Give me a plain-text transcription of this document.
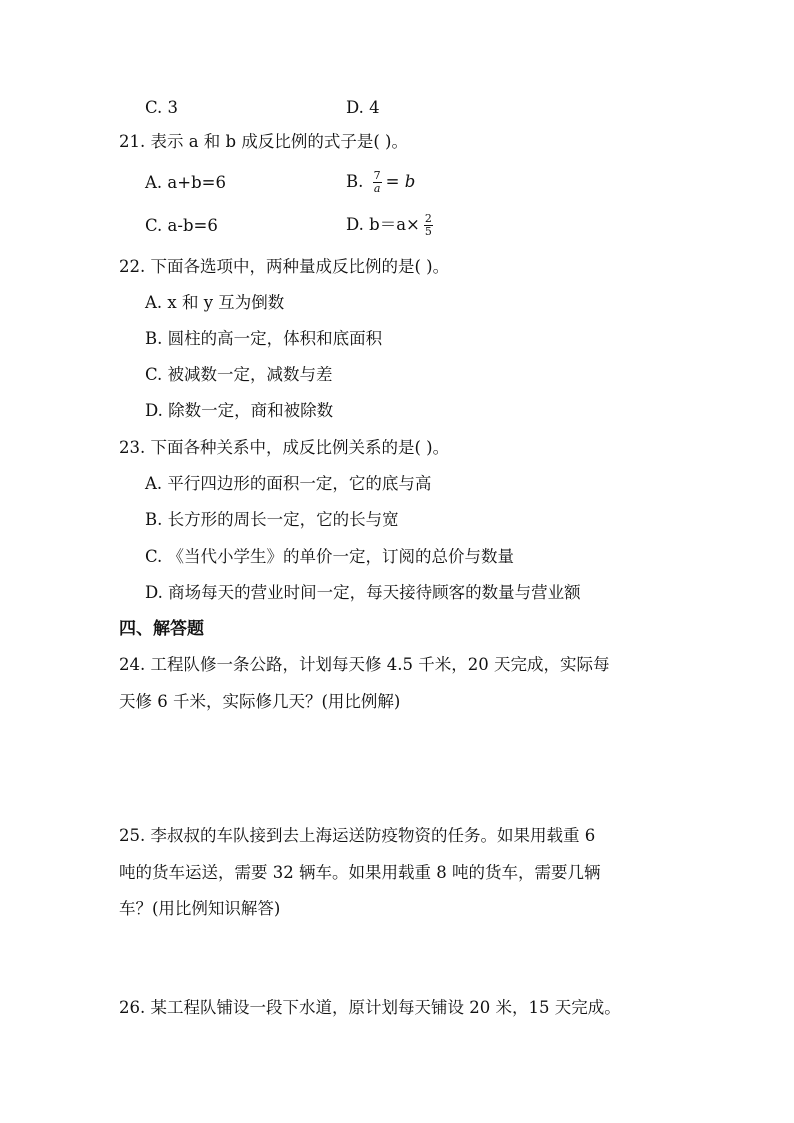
C. 3	D. 4
21. 表示 a 和 b 成反比例的式子是( )。
A. a+b=6	B. $\frac{7}{a} = b$
C. a-b=6	D. $b=a\times \frac{2}{5}$
22. 下面各选项中，两种量成反比例的是( )。
A. x 和 y 互为倒数
B. 圆柱的高一定，体积和底面积
C. 被减数一定，减数与差
D. 除数一定，商和被除数
23. 下面各种关系中，成反比例关系的是( )。
A. 平行四边形的面积一定，它的底与高
B. 长方形的周长一定，它的长与宽
C. 《当代小学生》的单价一定，订阅的总价与数量
D. 商场每天的营业时间一定，每天接待顾客的数量与营业额
四、解答题
24. 工程队修一条公路，计划每天修 4.5 千米，20 天完成，实际每
天修 6 千米，实际修几天？(用比例解)
25. 李叔叔的车队接到去上海运送防疫物资的任务。如果用载重 6
吨的货车运送，需要 32 辆车。如果用载重 8 吨的货车，需要几辆
车？(用比例知识解答)
26. 某工程队铺设一段下水道，原计划每天铺设 20 米，15 天完成。
